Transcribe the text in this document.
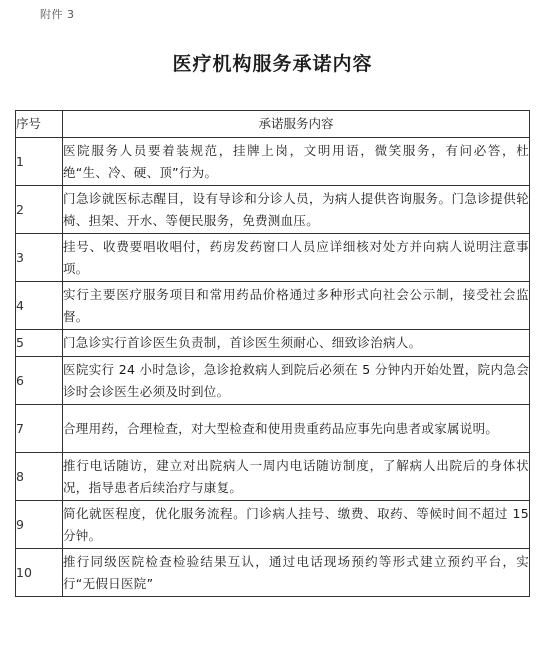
附件 3
医疗机构服务承诺内容
序号	承诺服务内容
1	医院服务人员要着装规范，挂牌上岗，文明用语，微笑服务，有问必答，杜绝“生、冷、硬、顶”行为。
2	门急诊就医标志醒目，设有导诊和分诊人员，为病人提供咨询服务。门急诊提供轮椅、担架、开水、等便民服务，免费测血压。
3	挂号、收费要唱收唱付，药房发药窗口人员应详细核对处方并向病人说明注意事项。
4	实行主要医疗服务项目和常用药品价格通过多种形式向社会公示制，接受社会监督。
5	门急诊实行首诊医生负责制，首诊医生须耐心、细致诊治病人。
6	医院实行 24 小时急诊，急诊抢救病人到院后必须在 5 分钟内开始处置，院内急会诊时会诊医生必须及时到位。
7	合理用药，合理检查，对大型检查和使用贵重药品应事先向患者或家属说明。
8	推行电话随访，建立对出院病人一周内电话随访制度，了解病人出院后的身体状况，指导患者后续治疗与康复。
9	简化就医程度，优化服务流程。门诊病人挂号、缴费、取药、等候时间不超过 15 分钟。
10	推行同级医院检查检验结果互认，通过电话现场预约等形式建立预约平台，实行“无假日医院”
